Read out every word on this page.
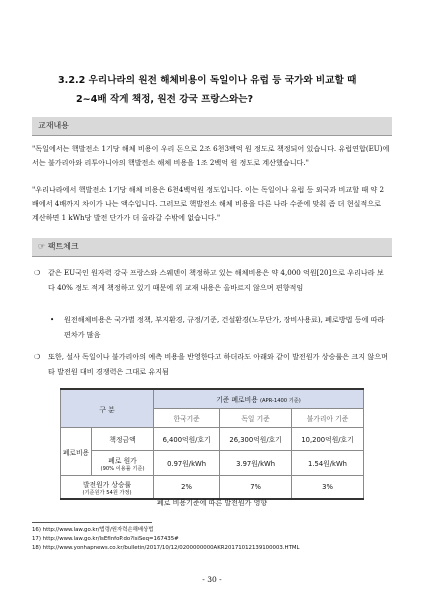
3.2.2 우리나라의 원전 해체비용이 독일이나 유럽 등 국가와 비교할 때
2~4배 작게 책정, 원전 강국 프랑스와는?
교재내용
"독일에서는 핵발전소 1기당 해체 비용이 우리 돈으로 2조 6천3백억 원 정도로 책정되어 있습니다. 유럽연합(EU)에서는 불가리아와 리투아니아의 핵발전소 해체 비용을 1조 2백억 원 정도로 계산했습니다."
"우리나라에서 핵발전소 1기당 해체 비용은 6천4백억원 정도입니다. 이는 독일이나 유럽 등 외국과 비교할 때 약 2배에서 4배까지 차이가 나는 액수입니다. 그러므로 핵발전소 해체 비용을 다른 나라 수준에 맞춰 좀 더 현실적으로 계산하면 1 kWh당 발전 단가가 더 올라갈 수밖에 없습니다."
☞ 팩트체크
❍	같은 EU국인 원자력 강국 프랑스와 스웨덴이 책정하고 있는 해체비용은 약 4,000 억원[20]으로 우리나라 보다 40% 정도 적게 책정하고 있기 때문에 위 교재 내용은 올바르지 않으며 편향적임
•	원전해체비용은 국가별 정책, 부지환경, 규정/기준, 건설환경(노무단가, 장비사용료), 폐로방법 등에 따라 편차가 많음
❍	또한, 설사 독일이나 불가리아의 예측 비용을 반영한다고 하더라도 아래와 같이 발전원가 상승률은 크지 않으며 타 발전원 대비 경쟁력은 그대로 유지됨
구 분		기준 폐로비용 (APR-1400 기준)		
		한국기준	독일 기준	불가리아 기준
폐로비용	책정금액	6,400억원/호기	26,300억원/호기	10,200억원/호기

	폐로 원가
(90% 이용률 기준)	0.97원/kWh	3.97원/kWh	1.54원/kWh

발전원가 상승률
(기준원가 54원 가정)		2%	7%	3%
폐로 비용기준에 따른 발전원가 영향
16) http://www.law.go.kr/법령/원자력손해배상법
17) http://www.law.go.kr/lsEfInfoP.do?lsiSeq=167435#
18) http://www.yonhapnews.co.kr/bulletin/2017/10/12/0200000000AKR20171012139100003.HTML
- 30 -
